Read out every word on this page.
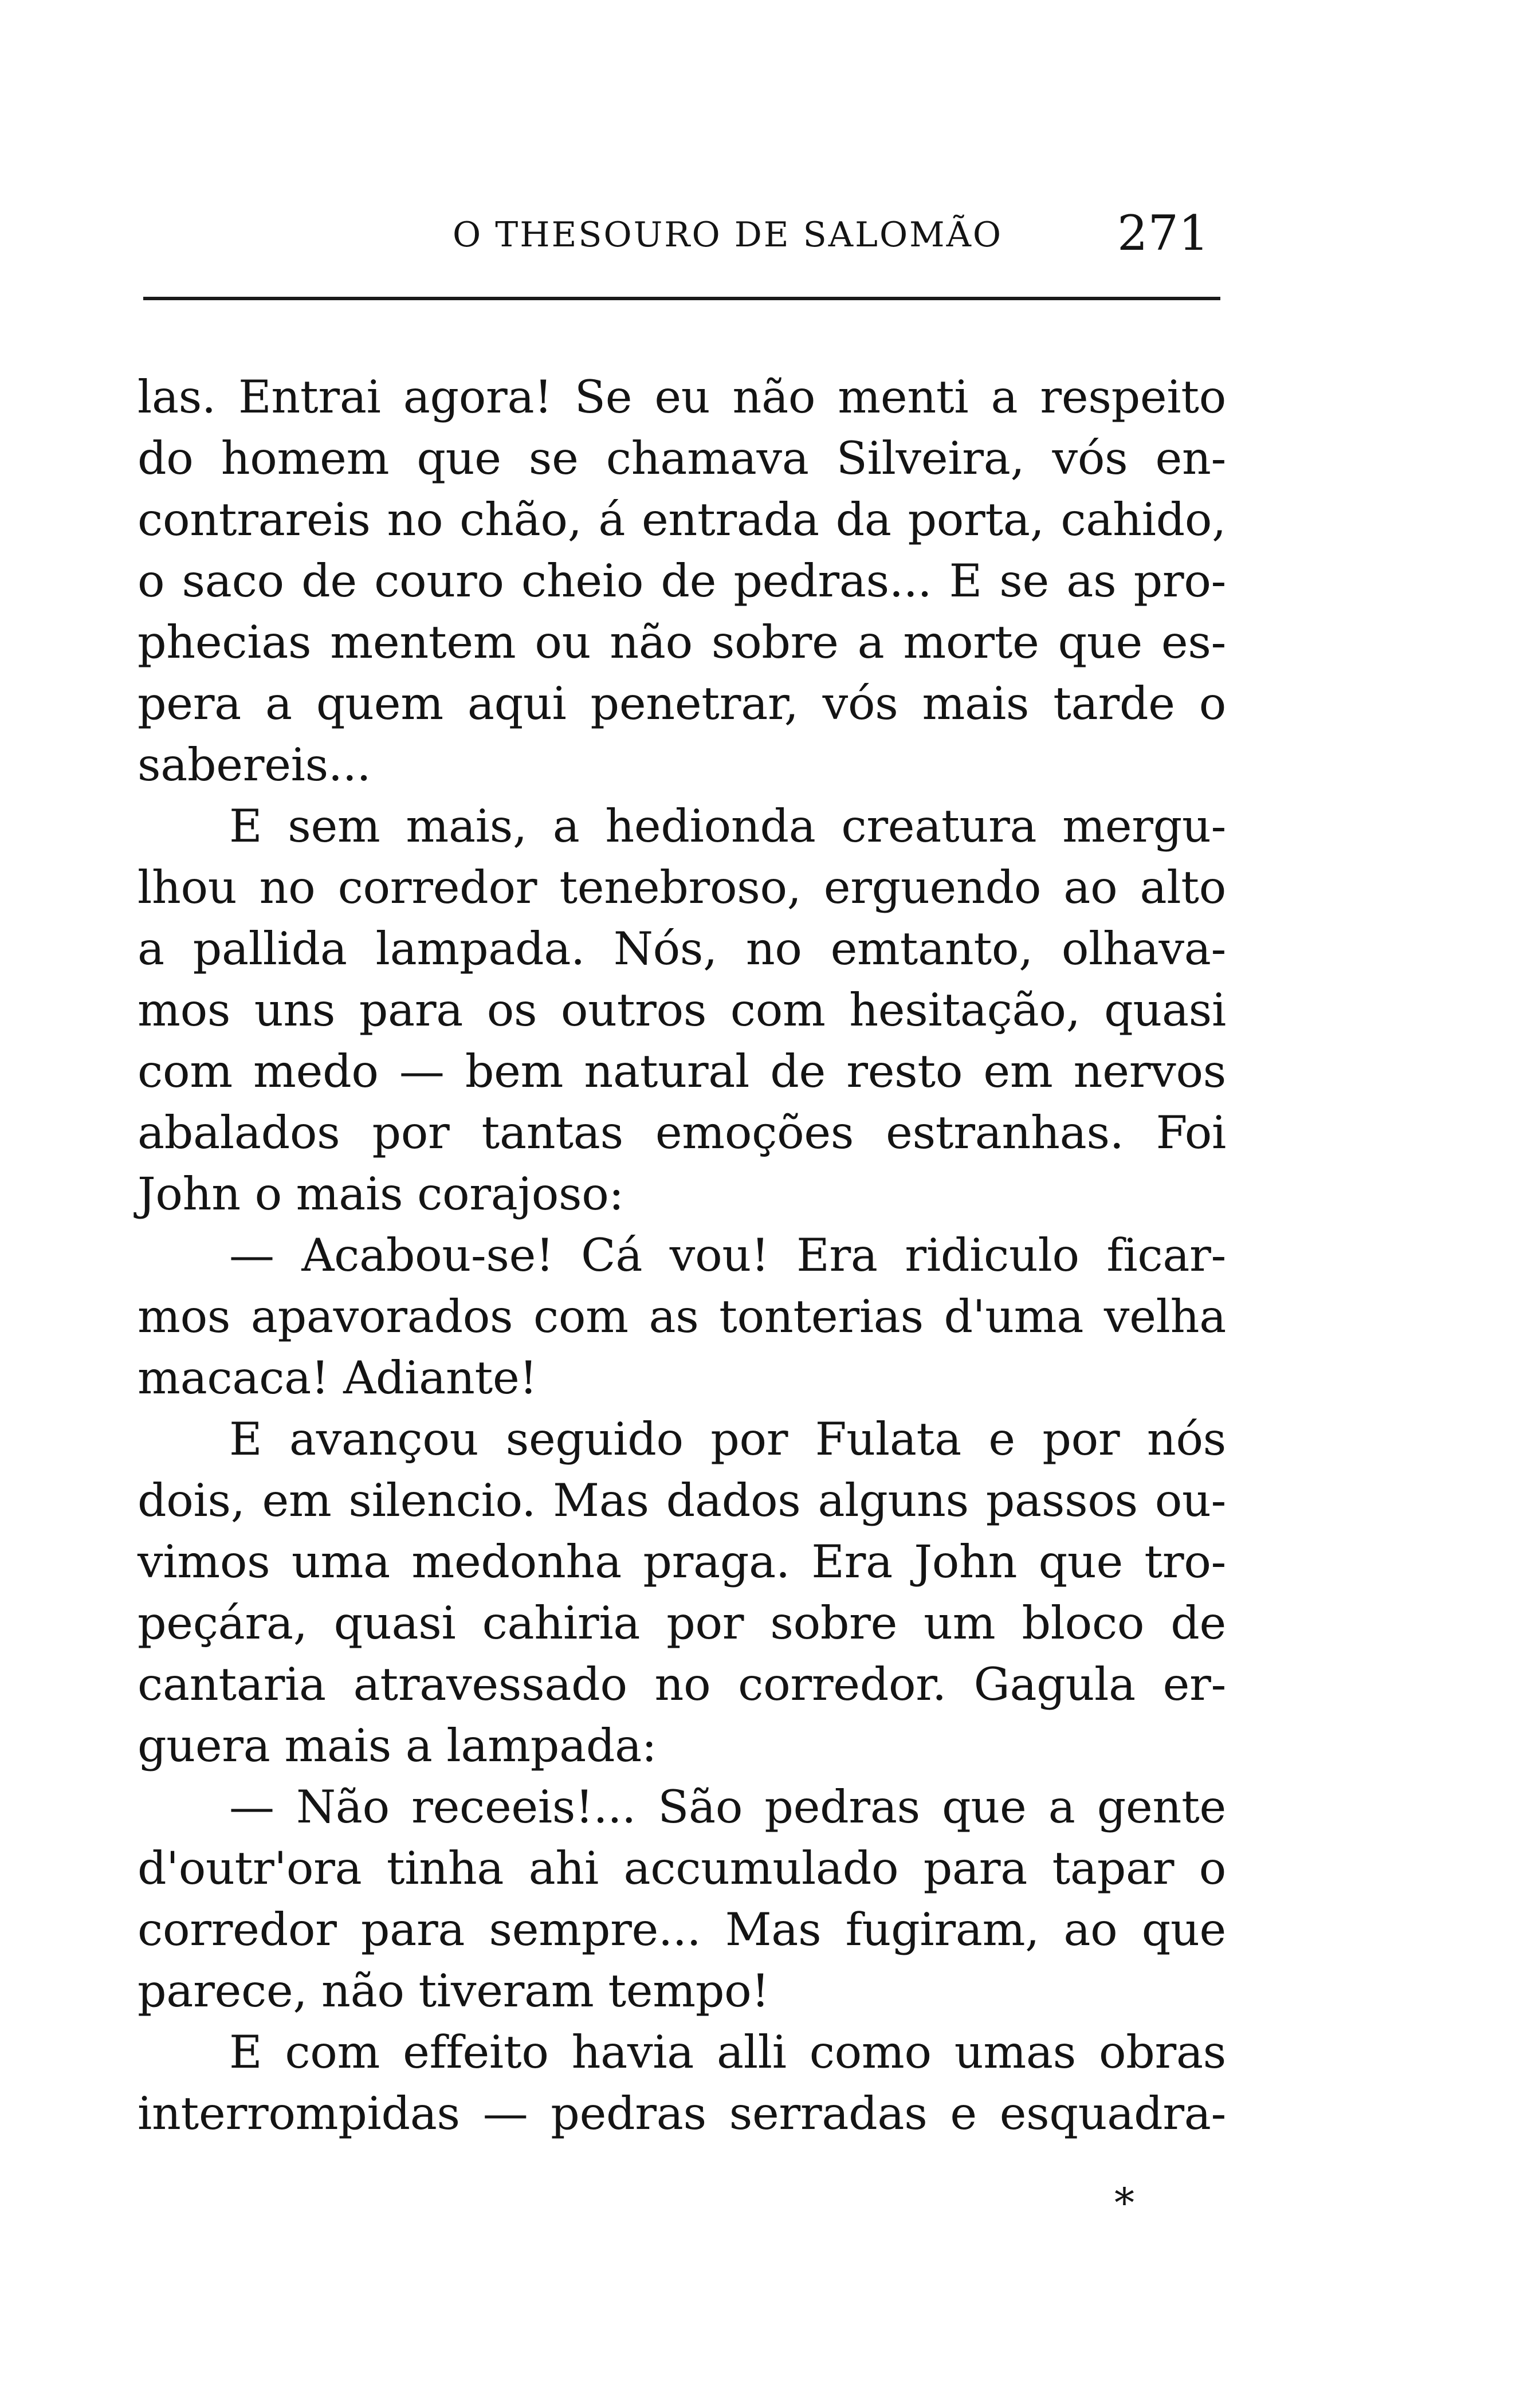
O THESOURO DE SALOMÃO 271
las. Entrai agora! Se eu não menti a respeito
do homem que se chamava Silveira, vós en-
contrareis no chão, á entrada da porta, cahido,
o saco de couro cheio de pedras... E se as pro-
phecias mentem ou não sobre a morte que es-
pera a quem aqui penetrar, vós mais tarde o
sabereis...
E sem mais, a hedionda creatura mergu-
lhou no corredor tenebroso, erguendo ao alto
a pallida lampada. Nós, no emtanto, olhava-
mos uns para os outros com hesitação, quasi
com medo — bem natural de resto em nervos
abalados por tantas emoções estranhas. Foi
John o mais corajoso:
— Acabou-se! Cá vou! Era ridiculo ficar-
mos apavorados com as tonterias d'uma velha
macaca! Adiante!
E avançou seguido por Fulata e por nós
dois, em silencio. Mas dados alguns passos ou-
vimos uma medonha praga. Era John que tro-
peçára, quasi cahiria por sobre um bloco de
cantaria atravessado no corredor. Gagula er-
guera mais a lampada:
— Não receeis!... São pedras que a gente
d'outr'ora tinha ahi accumulado para tapar o
corredor para sempre... Mas fugiram, ao que
parece, não tiveram tempo!
E com effeito havia alli como umas obras
interrompidas — pedras serradas e esquadra-
*
